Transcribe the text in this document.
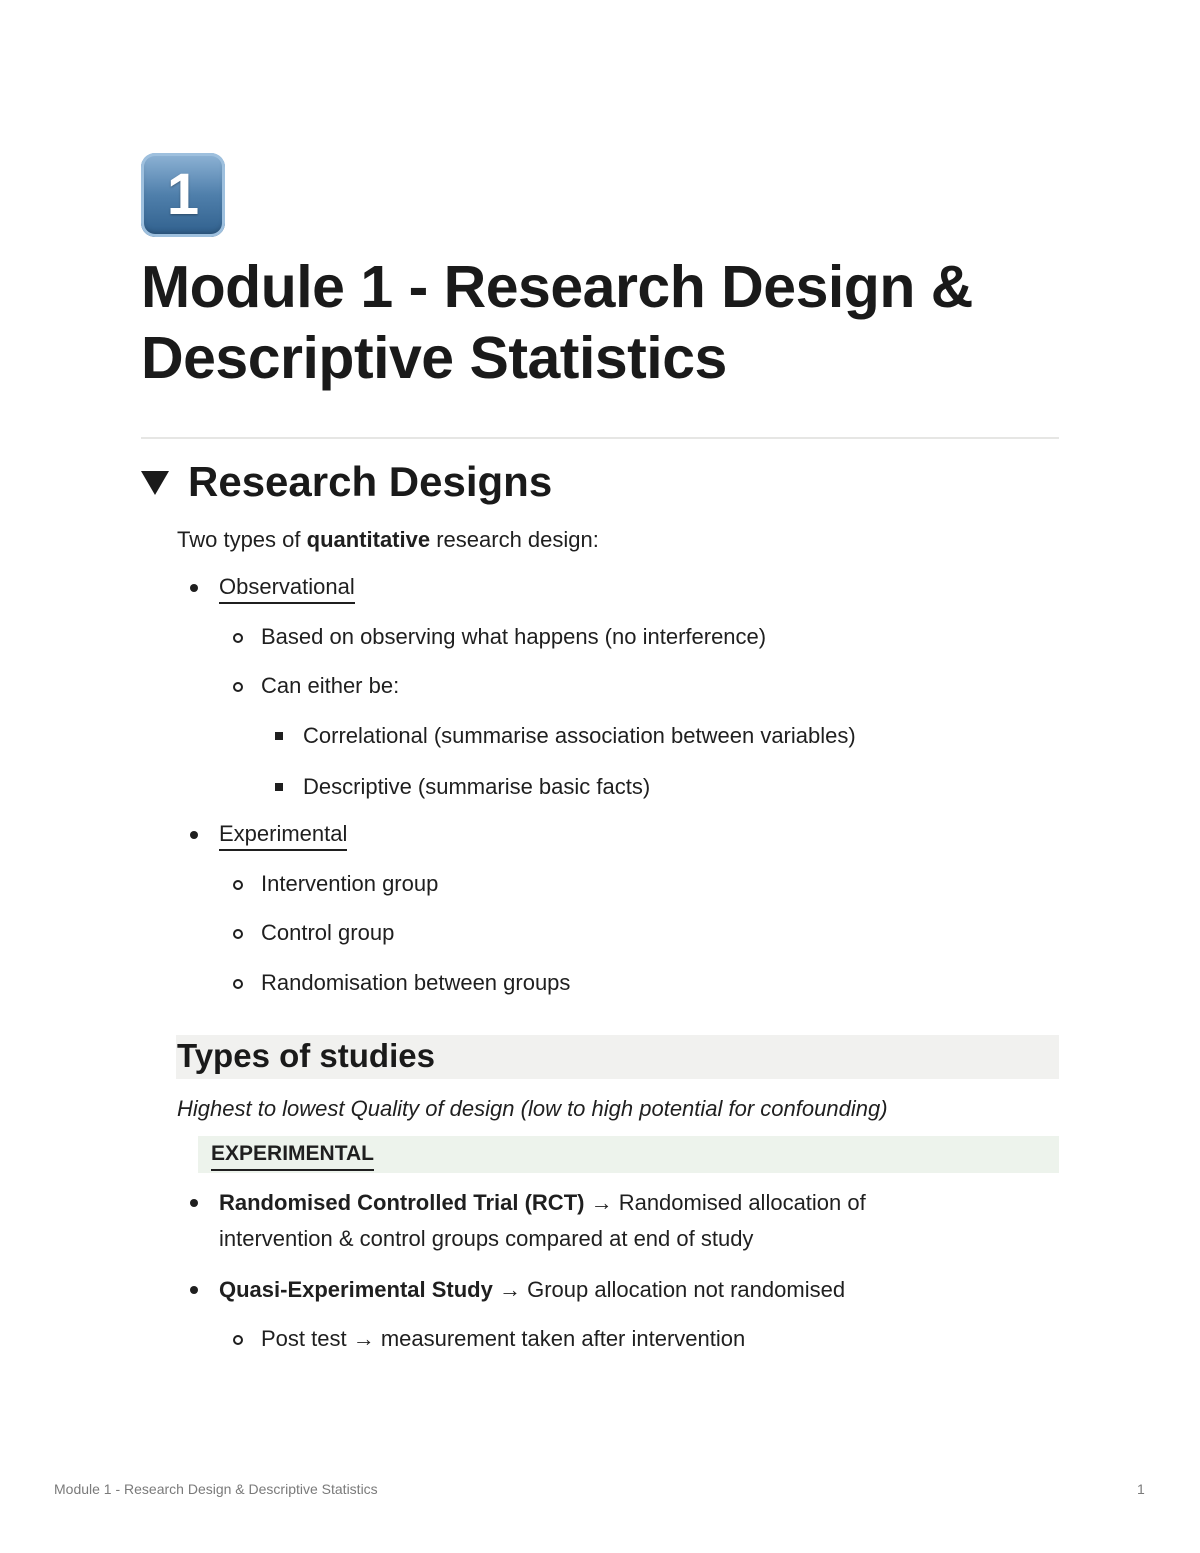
1
Module 1 - Research Design & Descriptive Statistics
Research Designs

Two types of quantitative research design:

Observational
Based on observing what happens (no interference)
Can either be:
Correlational (summarise association between variables)
Descriptive (summarise basic facts)
Experimental
Intervention group
Control group
Randomisation between groups
Types of studies

Highest to lowest Quality of design (low to high potential for confounding)

EXPERIMENTAL
Randomised Controlled Trial (RCT) → Randomised allocation of intervention & control groups compared at end of study
Quasi-Experimental Study → Group allocation not randomised
Post test → measurement taken after intervention
Module 1 - Research Design & Descriptive Statistics	1
